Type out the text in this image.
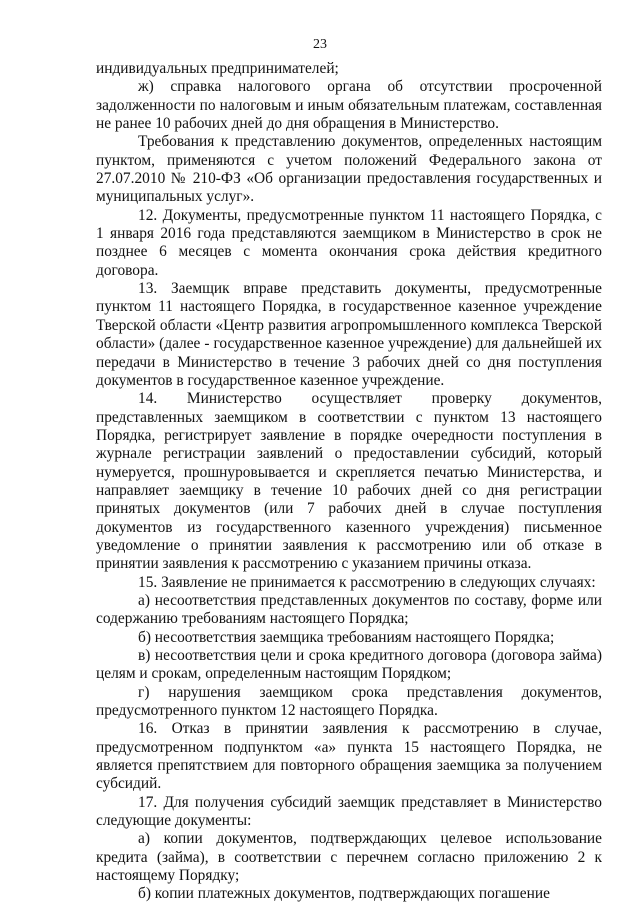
23

индивидуальных предпринимателей;

ж) справка налогового органа об отсутствии просроченной задолженности по налоговым и иным обязательным платежам, составленная не ранее 10 рабочих дней до дня обращения в Министерство.

Требования к представлению документов, определенных настоящим пунктом, применяются с учетом положений Федерального закона от 27.07.2010 № 210-ФЗ «Об организации предоставления государственных и муниципальных услуг».

12. Документы, предусмотренные пунктом 11 настоящего Порядка, с 1 января 2016 года представляются заемщиком в Министерство в срок не позднее 6 месяцев с момента окончания срока действия кредитного договора.

13. Заемщик вправе представить документы, предусмотренные пунктом 11 настоящего Порядка, в государственное казенное учреждение Тверской области «Центр развития агропромышленного комплекса Тверской области» (далее - государственное казенное учреждение) для дальнейшей их передачи в Министерство в течение 3 рабочих дней со дня поступления документов в государственное казенное учреждение.

14. Министерство осуществляет проверку документов, представленных заемщиком в соответствии с пунктом 13 настоящего Порядка, регистрирует заявление в порядке очередности поступления в журнале регистрации заявлений о предоставлении субсидий, который нумеруется, прошнуровывается и скрепляется печатью Министерства, и направляет заемщику в течение 10 рабочих дней со дня регистрации принятых документов (или 7 рабочих дней в случае поступления документов из государственного казенного учреждения) письменное уведомление о принятии заявления к рассмотрению или об отказе в принятии заявления к рассмотрению с указанием причины отказа.

15. Заявление не принимается к рассмотрению в следующих случаях:

а) несоответствия представленных документов по составу, форме или содержанию требованиям настоящего Порядка;

б) несоответствия заемщика требованиям настоящего Порядка;

в) несоответствия цели и срока кредитного договора (договора займа) целям и срокам, определенным настоящим Порядком;

г) нарушения заемщиком срока представления документов, предусмотренного пунктом 12 настоящего Порядка.

16. Отказ в принятии заявления к рассмотрению в случае, предусмотренном подпунктом «а» пункта 15 настоящего Порядка, не является препятствием для повторного обращения заемщика за получением субсидий.

17. Для получения субсидий заемщик представляет в Министерство следующие документы:

а) копии документов, подтверждающих целевое использование кредита (займа), в соответствии с перечнем согласно приложению 2 к настоящему Порядку;

б) копии платежных документов, подтверждающих погашение
